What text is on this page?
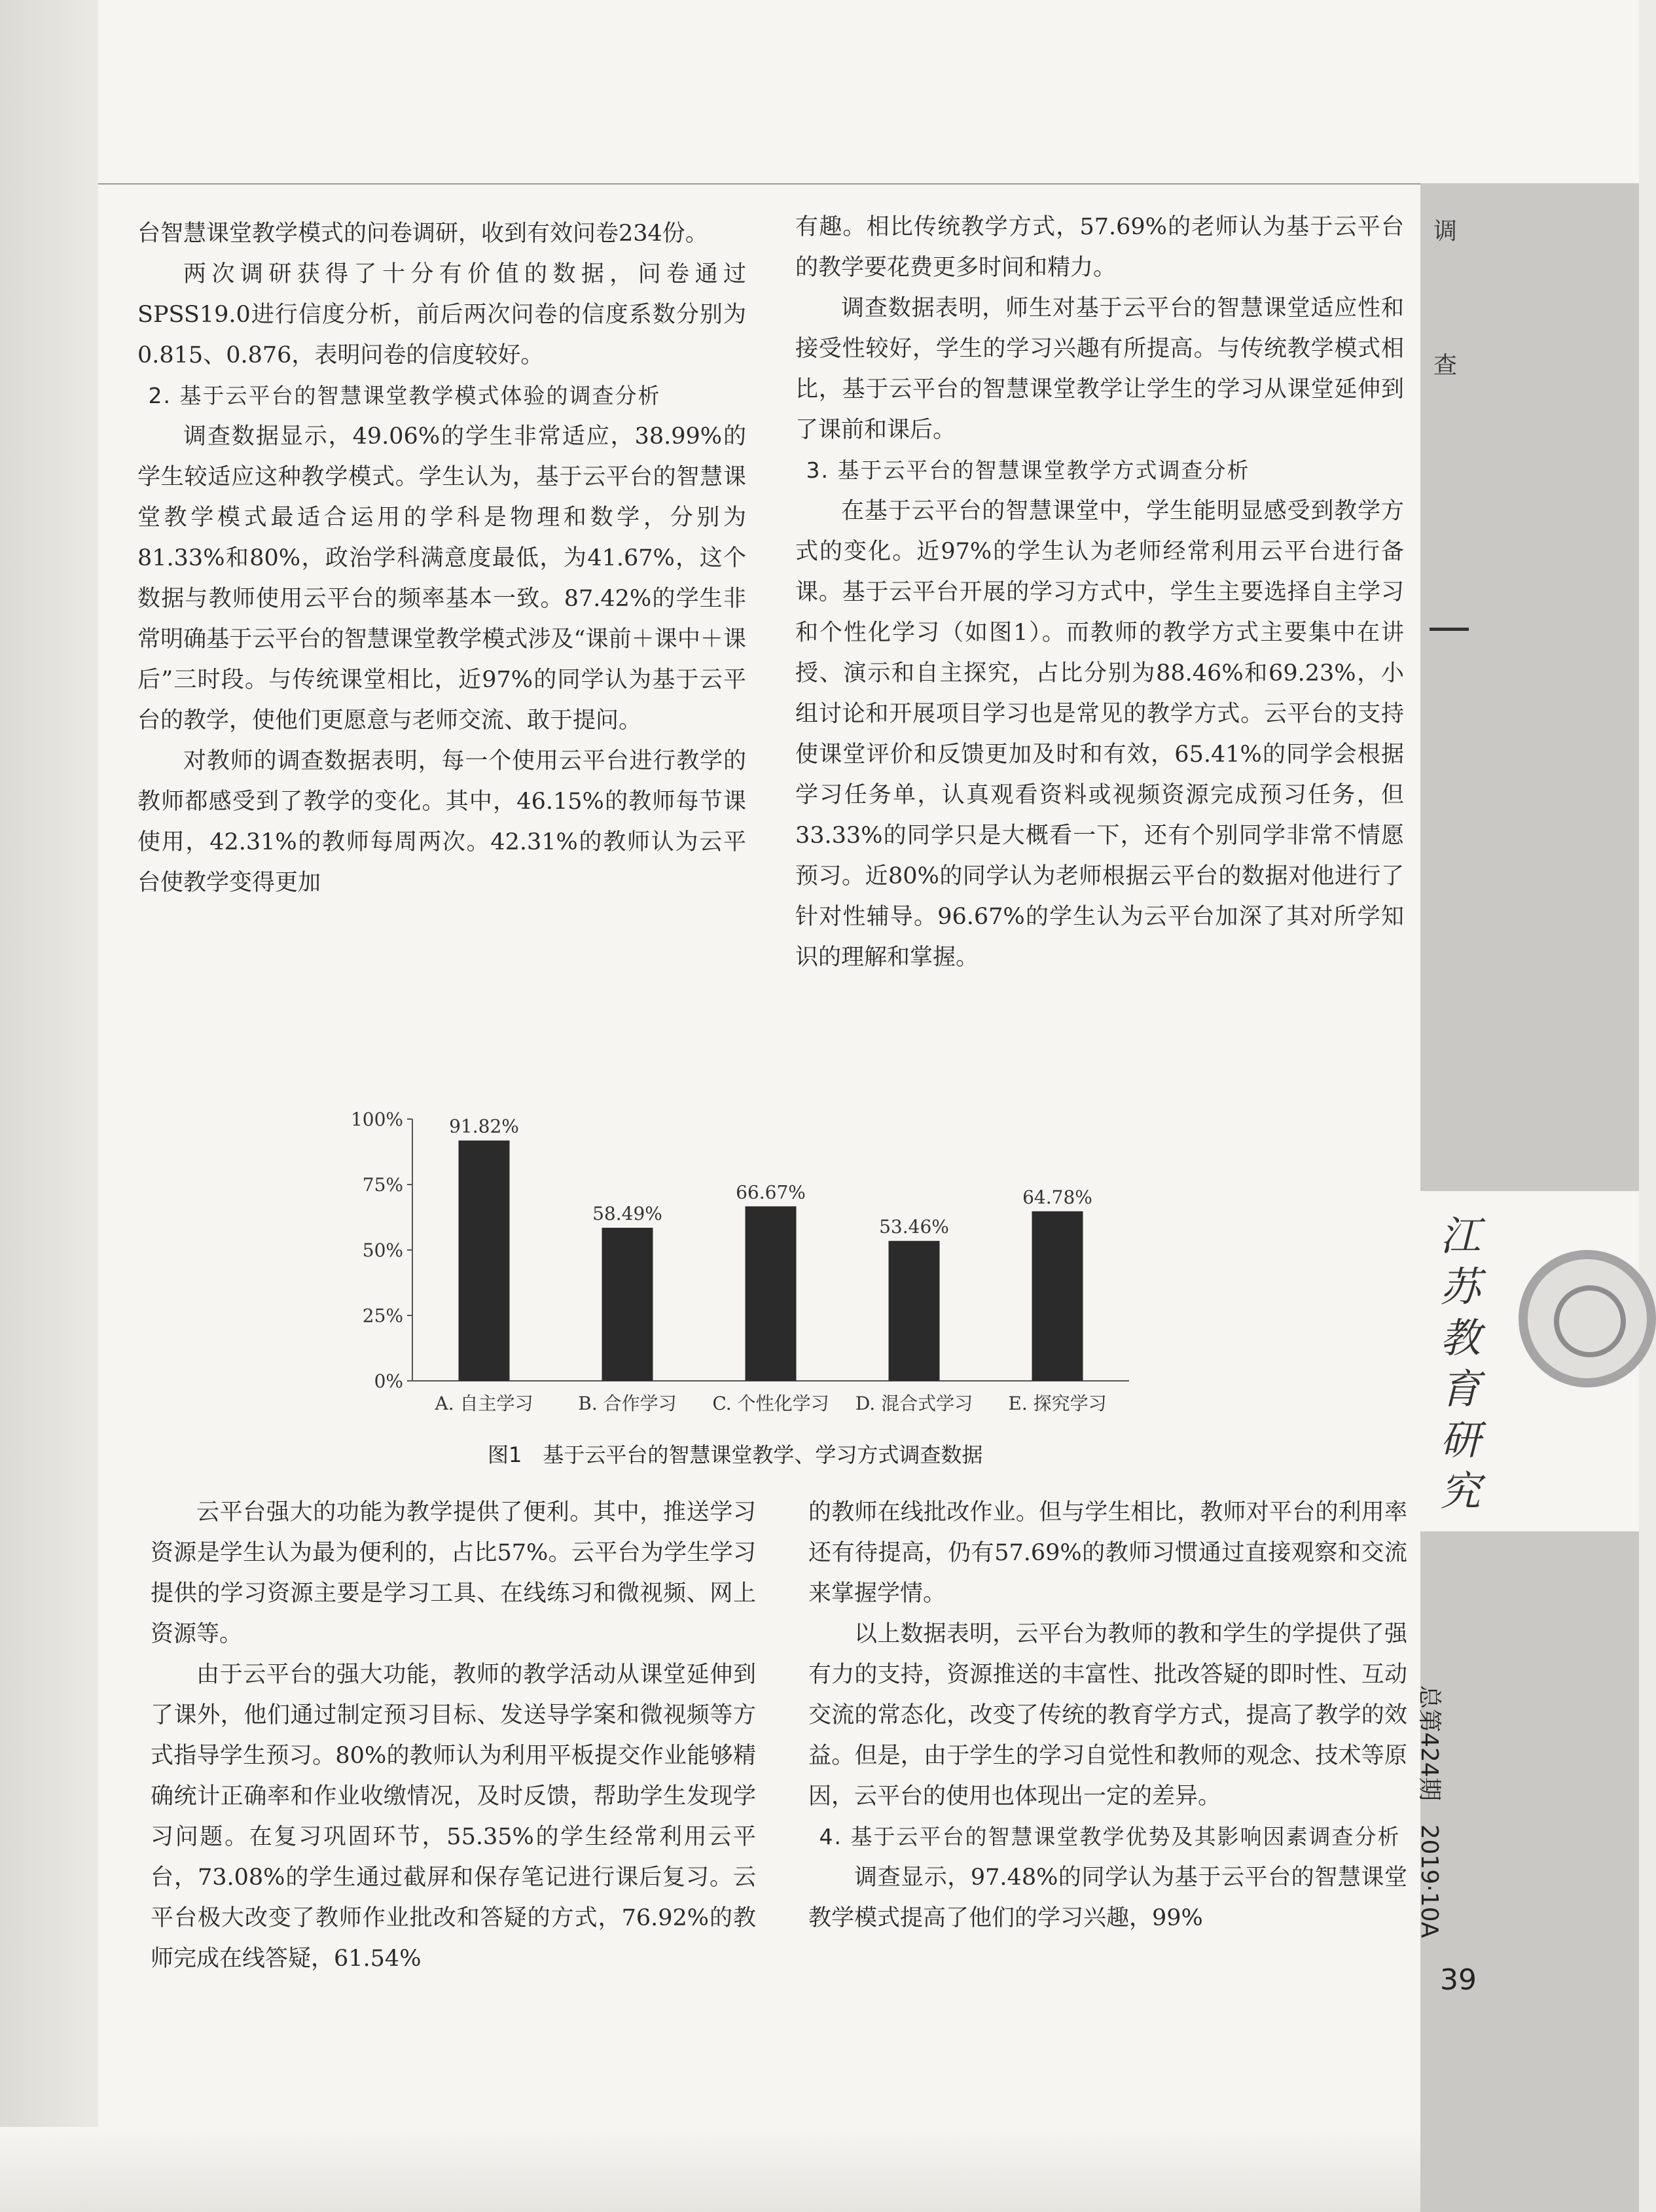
台智慧课堂教学模式的问卷调研，收到有效问卷234份。

两次调研获得了十分有价值的数据，问卷通过SPSS19.0进行信度分析，前后两次问卷的信度系数分别为0.815、0.876，表明问卷的信度较好。

2. 基于云平台的智慧课堂教学模式体验的调查分析

调查数据显示，49.06%的学生非常适应，38.99%的学生较适应这种教学模式。学生认为，基于云平台的智慧课堂教学模式最适合运用的学科是物理和数学，分别为81.33%和80%，政治学科满意度最低，为41.67%，这个数据与教师使用云平台的频率基本一致。87.42%的学生非常明确基于云平台的智慧课堂教学模式涉及“课前＋课中＋课后”三时段。与传统课堂相比，近97%的同学认为基于云平台的教学，使他们更愿意与老师交流、敢于提问。

对教师的调查数据表明，每一个使用云平台进行教学的教师都感受到了教学的变化。其中，46.15%的教师每节课使用，42.31%的教师每周两次。42.31%的教师认为云平台使教学变得更加

有趣。相比传统教学方式，57.69%的老师认为基于云平台的教学要花费更多时间和精力。

调查数据表明，师生对基于云平台的智慧课堂适应性和接受性较好，学生的学习兴趣有所提高。与传统教学模式相比，基于云平台的智慧课堂教学让学生的学习从课堂延伸到了课前和课后。

3. 基于云平台的智慧课堂教学方式调查分析

在基于云平台的智慧课堂中，学生能明显感受到教学方式的变化。近97%的学生认为老师经常利用云平台进行备课。基于云平台开展的学习方式中，学生主要选择自主学习和个性化学习（如图1）。而教师的教学方式主要集中在讲授、演示和自主探究，占比分别为88.46%和69.23%，小组讨论和开展项目学习也是常见的教学方式。云平台的支持使课堂评价和反馈更加及时和有效，65.41%的同学会根据学习任务单，认真观看资料或视频资源完成预习任务，但33.33%的同学只是大概看一下，还有个别同学非常不情愿预习。近80%的同学认为老师根据云平台的数据对他进行了针对性辅导。96.67%的学生认为云平台加深了其对所学知识的理解和掌握。

100%
75%
50%
25%
0%
91.82%
A. 自主学习
58.49%
B. 合作学习
66.67%
C. 个性化学习
53.46%
D. 混合式学习
64.78%
E. 探究学习
图1　基于云平台的智慧课堂教学、学习方式调查数据

云平台强大的功能为教学提供了便利。其中，推送学习资源是学生认为最为便利的，占比57%。云平台为学生学习提供的学习资源主要是学习工具、在线练习和微视频、网上资源等。

由于云平台的强大功能，教师的教学活动从课堂延伸到了课外，他们通过制定预习目标、发送导学案和微视频等方式指导学生预习。80%的教师认为利用平板提交作业能够精确统计正确率和作业收缴情况，及时反馈，帮助学生发现学习问题。在复习巩固环节，55.35%的学生经常利用云平台，73.08%的学生通过截屏和保存笔记进行课后复习。云平台极大改变了教师作业批改和答疑的方式，76.92%的教师完成在线答疑，61.54%

的教师在线批改作业。但与学生相比，教师对平台的利用率还有待提高，仍有57.69%的教师习惯通过直接观察和交流来掌握学情。

以上数据表明，云平台为教师的教和学生的学提供了强有力的支持，资源推送的丰富性、批改答疑的即时性、互动交流的常态化，改变了传统的教育学方式，提高了教学的效益。但是，由于学生的学习自觉性和教师的观念、技术等原因，云平台的使用也体现出一定的差异。

4. 基于云平台的智慧课堂教学优势及其影响因素调查分析

调查显示，97.48%的同学认为基于云平台的智慧课堂教学模式提高了他们的学习兴趣，99%

调
查
江苏教育研究
总第424期　2019·10A
39
